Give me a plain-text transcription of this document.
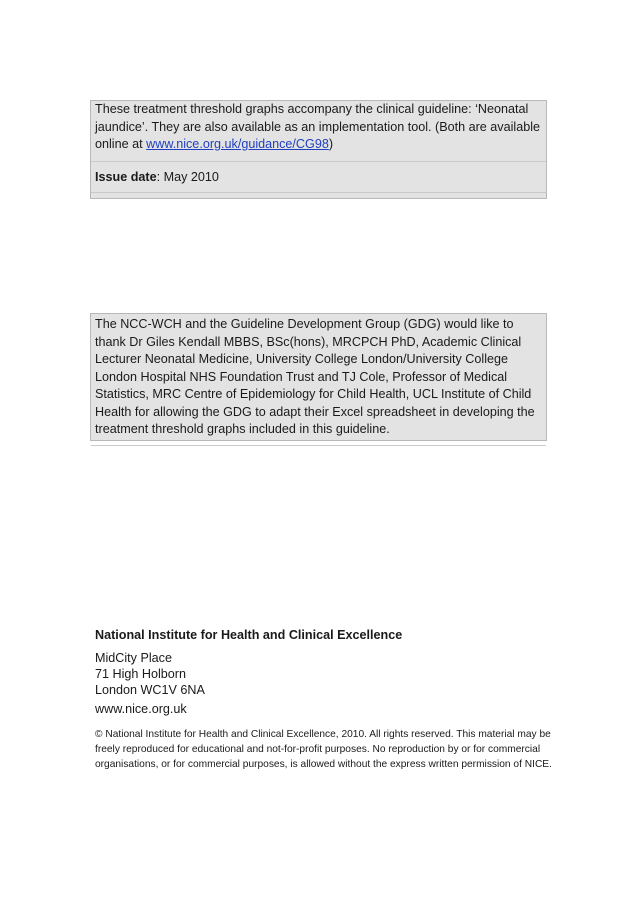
These treatment threshold graphs accompany the clinical guideline: ‘Neonatal jaundice’. They are also available as an implementation tool. (Both are available online at www.nice.org.uk/guidance/CG98)

Issue date: May 2010

The NCC-WCH and the Guideline Development Group (GDG) would like to thank Dr Giles Kendall MBBS, BSc(hons), MRCPCH PhD, Academic Clinical Lecturer Neonatal Medicine, University College London/University College London Hospital NHS Foundation Trust and TJ Cole, Professor of Medical Statistics, MRC Centre of Epidemiology for Child Health, UCL Institute of Child Health for allowing the GDG to adapt their Excel spreadsheet in developing the treatment threshold graphs included in this guideline.

National Institute for Health and Clinical Excellence
MidCity Place
71 High Holborn
London WC1V 6NA
www.nice.org.uk
© National Institute for Health and Clinical Excellence, 2010. All rights reserved. This material may be freely reproduced for educational and not-for-profit purposes. No reproduction by or for commercial organisations, or for commercial purposes, is allowed without the express written permission of NICE.
